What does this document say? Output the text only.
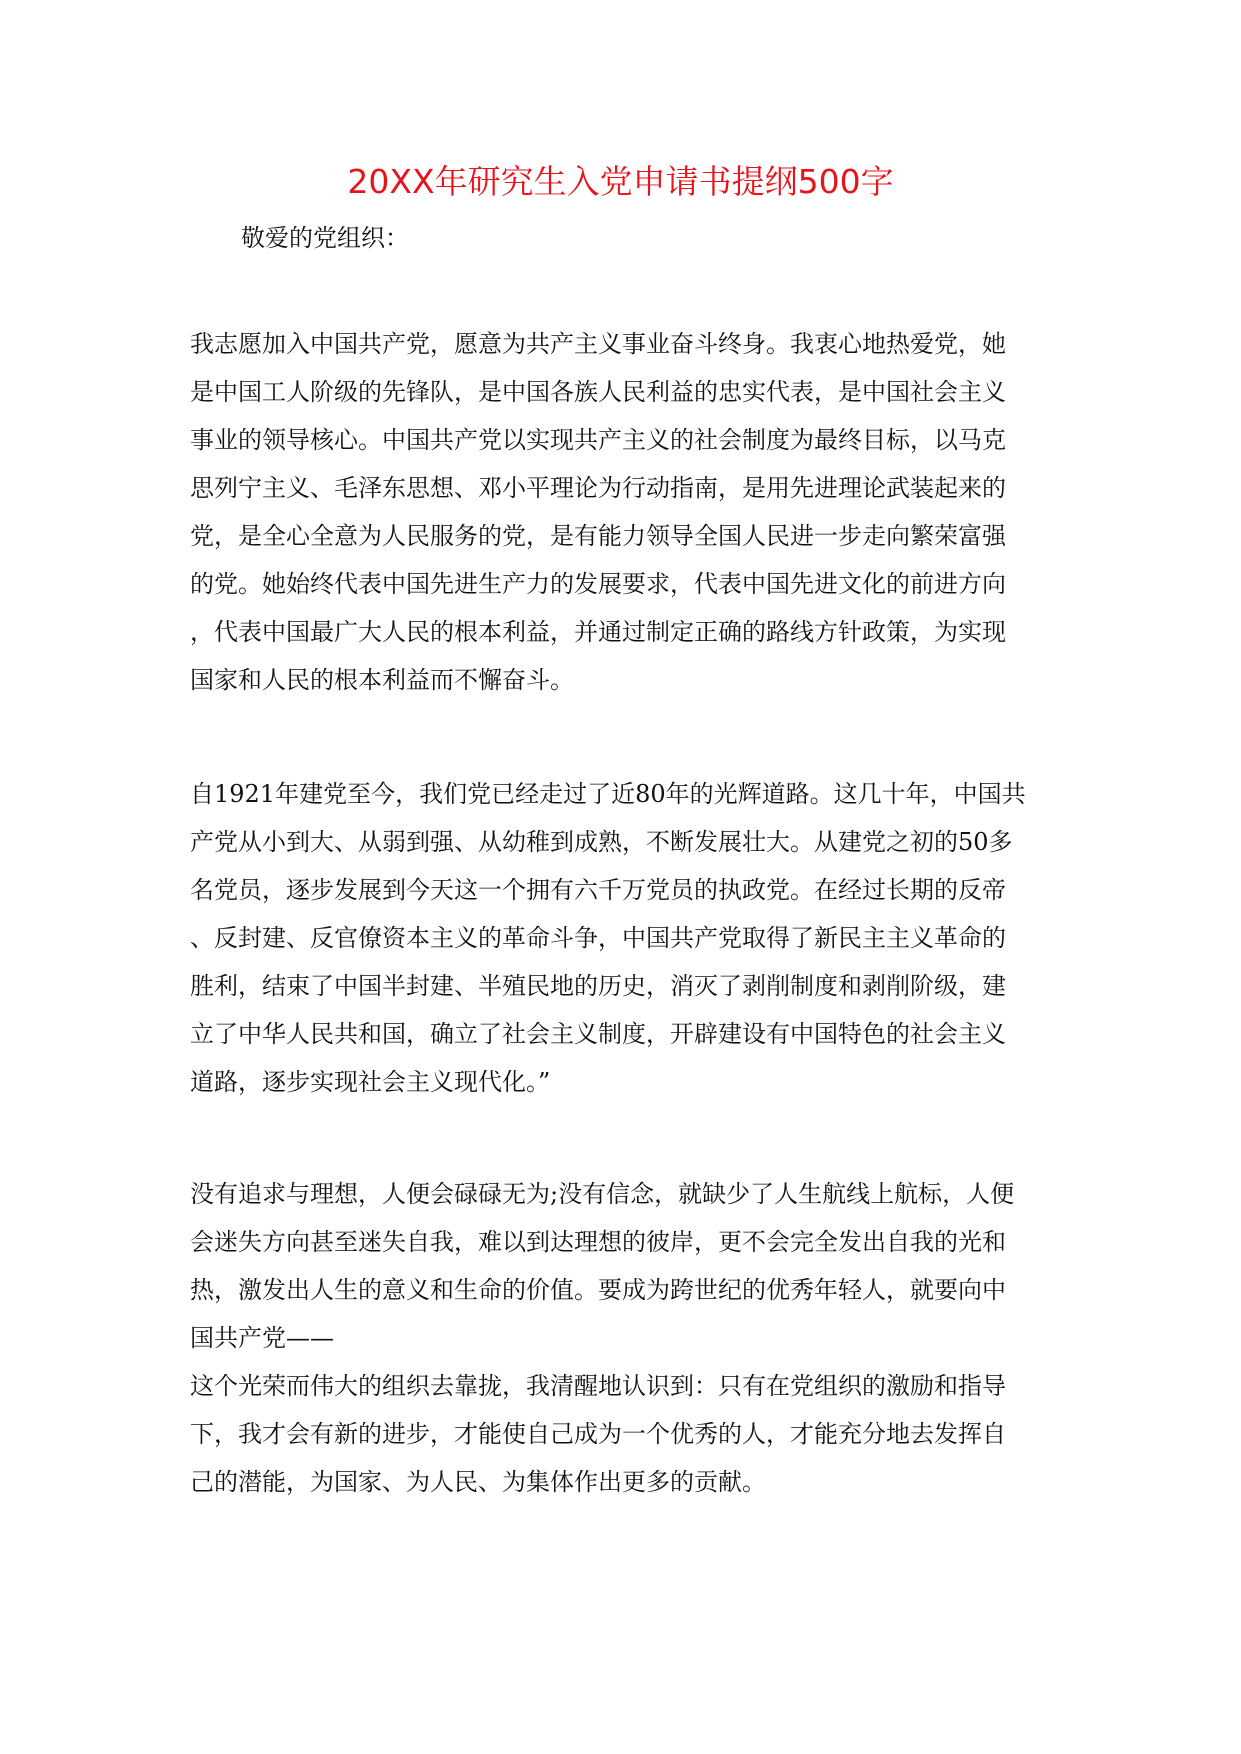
20XX年研究生入党申请书提纲500字

敬爱的党组织：

我志愿加入中国共产党，愿意为共产主义事业奋斗终身。我衷心地热爱党，她
是中国工人阶级的先锋队，是中国各族人民利益的忠实代表，是中国社会主义
事业的领导核心。中国共产党以实现共产主义的社会制度为最终目标，以马克
思列宁主义、毛泽东思想、邓小平理论为行动指南，是用先进理论武装起来的
党，是全心全意为人民服务的党，是有能力领导全国人民进一步走向繁荣富强
的党。她始终代表中国先进生产力的发展要求，代表中国先进文化的前进方向
，代表中国最广大人民的根本利益，并通过制定正确的路线方针政策，为实现
国家和人民的根本利益而不懈奋斗。
自1921年建党至今，我们党已经走过了近80年的光辉道路。这几十年，中国共
产党从小到大、从弱到强、从幼稚到成熟，不断发展壮大。从建党之初的50多
名党员，逐步发展到今天这一个拥有六千万党员的执政党。在经过长期的反帝
、反封建、反官僚资本主义的革命斗争，中国共产党取得了新民主主义革命的
胜利，结束了中国半封建、半殖民地的历史，消灭了剥削制度和剥削阶级，建
立了中华人民共和国，确立了社会主义制度，开辟建设有中国特色的社会主义
道路，逐步实现社会主义现代化。”
没有追求与理想，人便会碌碌无为;没有信念，就缺少了人生航线上航标，人便
会迷失方向甚至迷失自我，难以到达理想的彼岸，更不会完全发出自我的光和
热，激发出人生的意义和生命的价值。要成为跨世纪的优秀年轻人，就要向中
国共产党——
这个光荣而伟大的组织去靠拢，我清醒地认识到：只有在党组织的激励和指导
下，我才会有新的进步，才能使自己成为一个优秀的人，才能充分地去发挥自
己的潜能，为国家、为人民、为集体作出更多的贡献。
